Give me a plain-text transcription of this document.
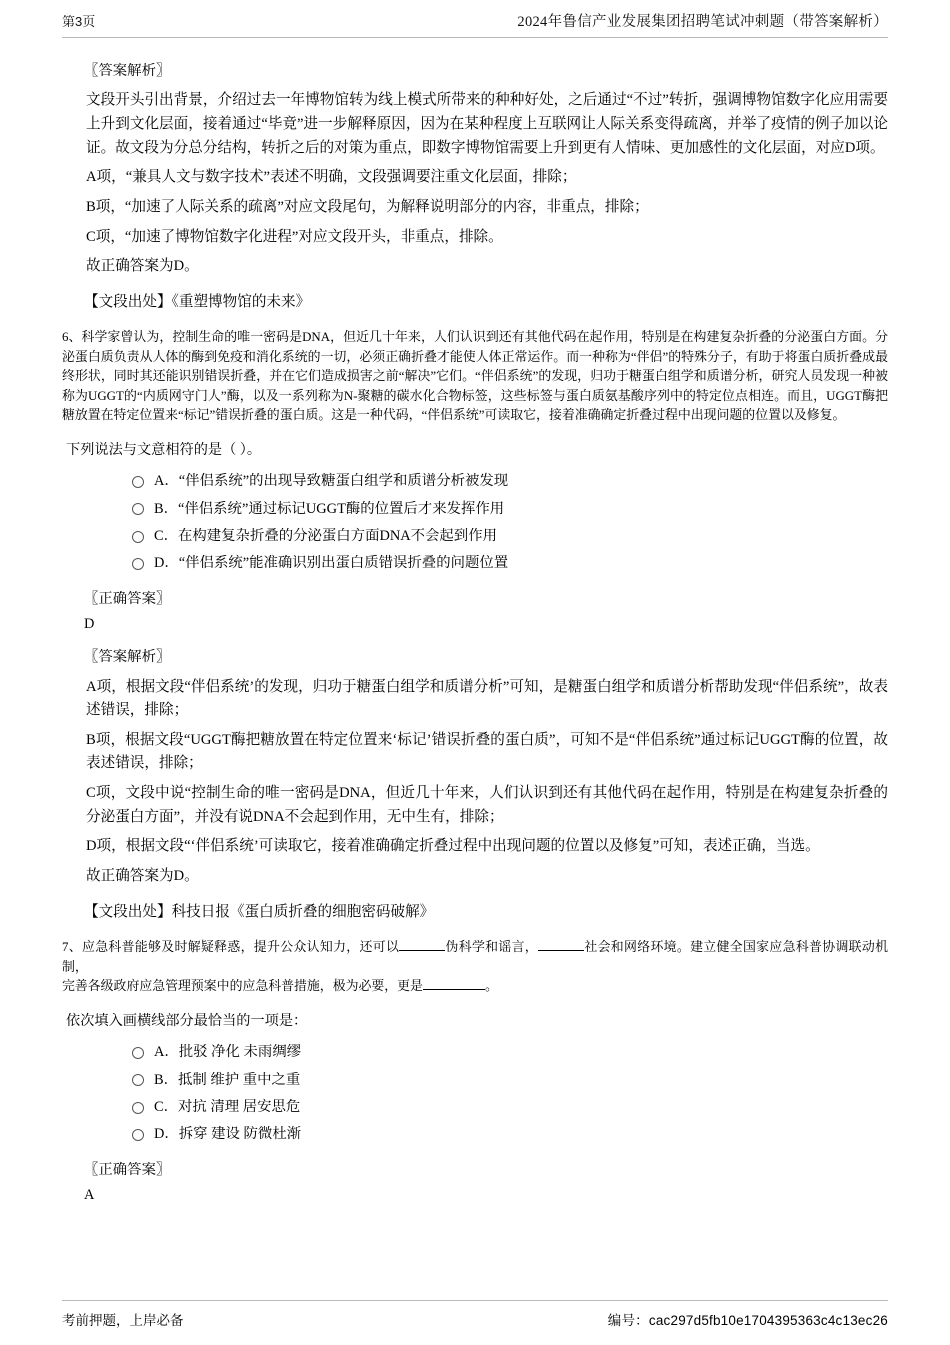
第3页	2024年鲁信产业发展集团招聘笔试冲刺题（带答案解析）
〖答案解析〗
文段开头引出背景，介绍过去一年博物馆转为线上模式所带来的种种好处，之后通过“不过”转折，强调博物馆数字化应用需要上升到文化层面，接着通过“毕竟”进一步解释原因，因为在某种程度上互联网让人际关系变得疏离，并举了疫情的例子加以论证。故文段为分总分结构，转折之后的对策为重点，即数字博物馆需要上升到更有人情味、更加感性的文化层面，对应D项。
A项，“兼具人文与数字技术”表述不明确，文段强调要注重文化层面，排除；
B项，“加速了人际关系的疏离”对应文段尾句，为解释说明部分的内容，非重点，排除；
C项，“加速了博物馆数字化进程”对应文段开头，非重点，排除。
故正确答案为D。
【文段出处】《重塑博物馆的未来》
6、科学家曾认为，控制生命的唯一密码是DNA，但近几十年来，人们认识到还有其他代码在起作用，特别是在构建复杂折叠的分泌蛋白方面。分泌蛋白质负责从人体的酶到免疫和消化系统的一切，必须正确折叠才能使人体正常运作。而一种称为“伴侣”的特殊分子，有助于将蛋白质折叠成最终形状，同时其还能识别错误折叠，并在它们造成损害之前“解决”它们。“伴侣系统”的发现，归功于糖蛋白组学和质谱分析，研究人员发现一种被称为UGGT的“内质网守门人”酶，以及一系列称为N-聚糖的碳水化合物标签，这些标签与蛋白质氨基酸序列中的特定位点相连。而且，UGGT酶把糖放置在特定位置来“标记”错误折叠的蛋白质。这是一种代码，“伴侣系统”可读取它，接着准确确定折叠过程中出现问题的位置以及修复。
下列说法与文意相符的是（ ）。
A．“伴侣系统”的出现导致糖蛋白组学和质谱分析被发现
B．“伴侣系统”通过标记UGGT酶的位置后才来发挥作用
C．在构建复杂折叠的分泌蛋白方面DNA不会起到作用
D．“伴侣系统”能准确识别出蛋白质错误折叠的问题位置
〖正确答案〗
D
〖答案解析〗
A项，根据文段“伴侣系统’的发现，归功于糖蛋白组学和质谱分析”可知，是糖蛋白组学和质谱分析帮助发现“伴侣系统”，故表述错误，排除；
B项，根据文段“UGGT酶把糖放置在特定位置来‘标记’错误折叠的蛋白质”，可知不是“伴侣系统”通过标记UGGT酶的位置，故表述错误，排除；
C项，文段中说“控制生命的唯一密码是DNA，但近几十年来，人们认识到还有其他代码在起作用，特别是在构建复杂折叠的分泌蛋白方面”，并没有说DNA不会起到作用，无中生有，排除；
D项，根据文段“‘伴侣系统’可读取它，接着准确确定折叠过程中出现问题的位置以及修复”可知，表述正确，当选。
故正确答案为D。
【文段出处】科技日报《蛋白质折叠的细胞密码破解》
7、应急科普能够及时解疑释惑，提升公众认知力，还可以	伪科学和谣言，	社会和网络环境。建立健全国家应急科普协调联动机制，
完善各级政府应急管理预案中的应急科普措施，极为必要，更是	。
依次填入画横线部分最恰当的一项是：
A．批驳 净化 未雨绸缪
B．抵制 维护 重中之重
C．对抗 清理 居安思危
D．拆穿 建设 防微杜渐
〖正确答案〗
A
考前押题，上岸必备	编号：cac297d5fb10e1704395363c4c13ec26
